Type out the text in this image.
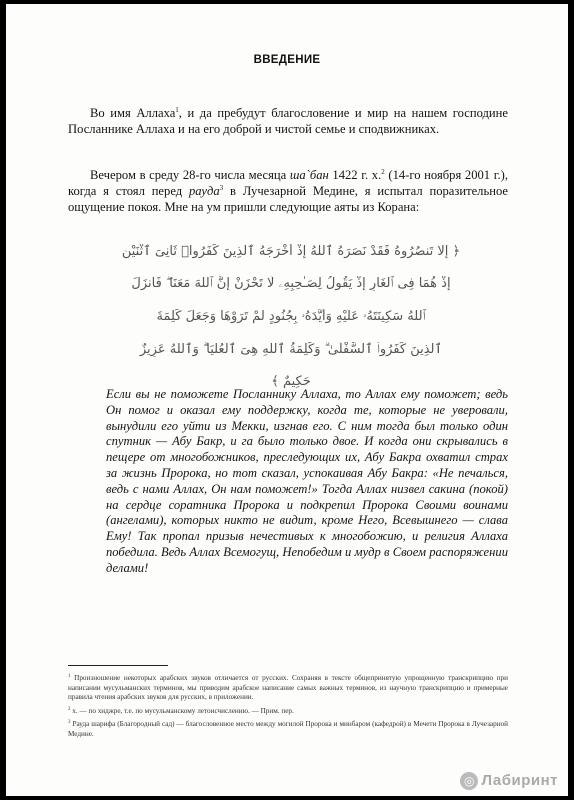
ВВЕДЕНИЕ

Во имя Аллаха$^1$, и да пребудут благословение и мир на нашем господине Посланнике Аллаха и на его доброй и чистой семье и сподвижниках.

Вечером в среду 28-го числа месяца ша`бан 1422 г. х.$^2$ (14-го ноября 2001 г.), когда я стоял перед рауда$^3$ в Лучезарной Медине, я испытал поразительное ощущение покоя. Мне на ум пришли следующие аяты из Корана:

﴿ إِلَّا تَنصُرُوهُ فَقَدْ نَصَرَهُ ٱللَّهُ إِذْ أَخْرَجَهُ ٱلَّذِينَ كَفَرُوا۟ ثَانِىَ ٱثْنَيْنِ
إِذْ هُمَا فِى ٱلْغَارِ إِذْ يَقُولُ لِصَـٰحِبِهِۦ لَا تَحْزَنْ إِنَّ ٱللَّهَ مَعَنَا ۖ فَأَنزَلَ
ٱللَّهُ سَكِينَتَهُۥ عَلَيْهِ وَأَيَّدَهُۥ بِجُنُودٍ لَّمْ تَرَوْهَا وَجَعَلَ كَلِمَةَ
ٱلَّذِينَ كَفَرُوا۟ ٱلسُّفْلَىٰ ۗ وَكَلِمَةُ ٱللَّهِ هِىَ ٱلْعُلْيَا ۗ وَٱللَّهُ عَزِيزٌ
حَكِيمٌ ﴾

Если вы не поможете Посланнику Аллаха, то Аллах ему поможет; ведь Он помог и оказал ему поддержку, когда те, которые не уверовали, вынудили его уйти из Мекки, изгнав его. С ним тогда был только один спутник — Абу Бакр, и га было только двое. И когда они скрывались в пещере от многобожников, преследующих их, Абу Бакра охватил страх за жизнь Пророка, но тот сказал, успокаивая Абу Бакра: «Не печалься, ведь с нами Аллах, Он нам поможет!» Тогда Аллах низвел сакина (покой) на сердце соратника Пророка и подкрепил Пророка Своими воинами (ангелами), которых никто не видит, кроме Него, Всевышнего — слава Ему! Так пропал призыв нечестивых к многобожию, и религия Аллаха победила. Ведь Аллах Всемогущ, Непобедим и мудр в Своем распоряжении делами!

$^1$ Произношение некоторых арабских звуков отличается от русских. Сохраняя в тексте общепринятую упрощенную транскрипцию при написании мусульманских терминов, мы приводим арабское написание самых важных терминов, из научную транскрипцию и примерные правила чтения арабских звуков для русских, в приложении.

$^2$ х. — по хиджре, т.е. по мусульманскому летоисчислению. — Прим. пер.

$^3$ Рауда шарифа (Благородный сад) — благословенное место между могилой Пророка и минбаром (кафедрой) в Мечети Пророка в Лучезарной Медине.

◎ Лабиринт
